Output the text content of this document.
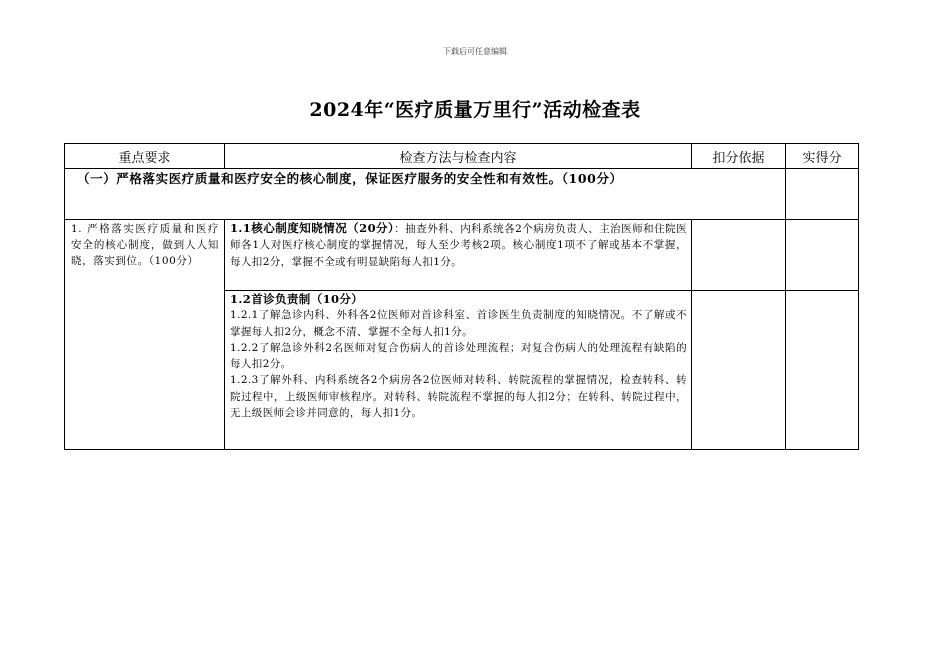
下载后可任意编辑
2024年“医疗质量万里行”活动检查表
重点要求	检查方法与检查内容	扣分依据	实得分

（一）严格落实医疗质量和医疗安全的核心制度，保证医疗服务的安全性和有效性。（100分）			

1. 严格落实医疗质量和医疗安全的核心制度，做到人人知晓，落实到位。（100分）	1.1核心制度知晓情况（20分）：抽查外科、内科系统各2个病房负责人、主治医师和住院医师各1人对医疗核心制度的掌握情况，每人至少考核2项。核心制度1项不了解或基本不掌握，每人扣2分，掌握不全或有明显缺陷每人扣1分。		

	1.2首诊负责制（10分）
1.2.1了解急诊内科、外科各2位医师对首诊科室、首诊医生负责制度的知晓情况。不了解或不掌握每人扣2分，概念不清、掌握不全每人扣1分。
1.2.2了解急诊外科2名医师对复合伤病人的首诊处理流程；对复合伤病人的处理流程有缺陷的每人扣2分。
1.2.3了解外科、内科系统各2个病房各2位医师对转科、转院流程的掌握情况，检查转科、转院过程中，上级医师审核程序。对转科、转院流程不掌握的每人扣2分；在转科、转院过程中，无上级医师会诊并同意的，每人扣1分。		
